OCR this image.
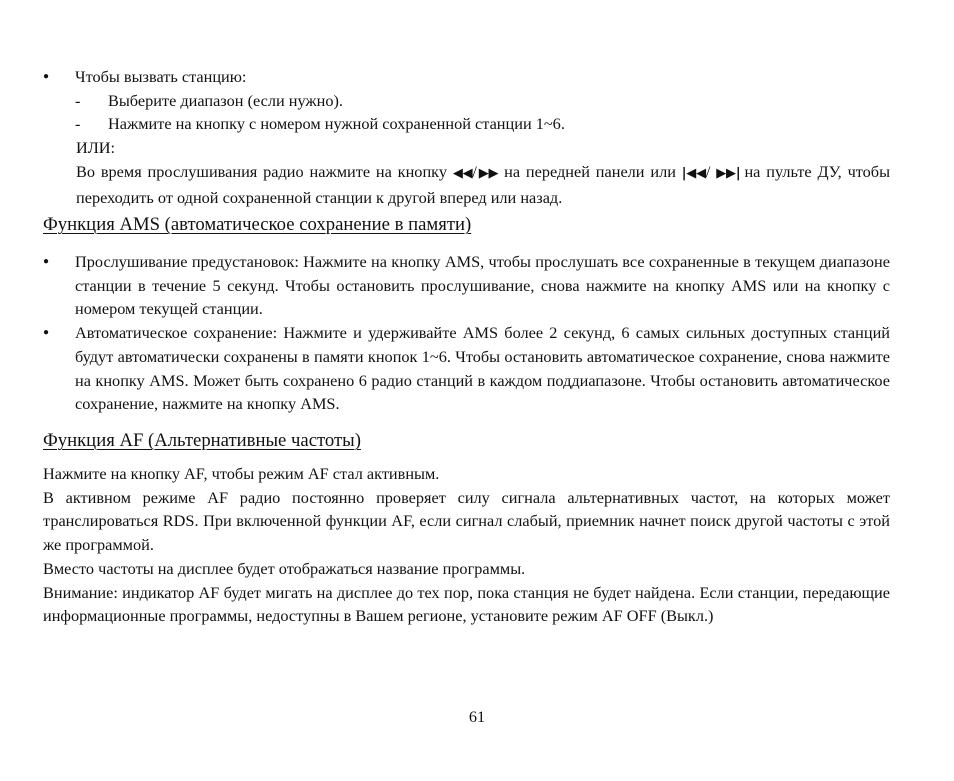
● Чтобы вызвать станцию:
- Выберите диапазон (если нужно).
- Нажмите на кнопку с номером нужной сохраненной станции 1~6.
ИЛИ:
Во время прослушивания радио нажмите на кнопку ◀◀/▶▶ на передней панели или |◀◀/ ▶▶| на пульте ДУ, чтобы переходить от одной сохраненной станции к другой вперед или назад.
Функция AMS (автоматическое сохранение в памяти)
● Прослушивание предустановок: Нажмите на кнопку AMS, чтобы прослушать все сохраненные в текущем диапазоне станции в течение 5 секунд. Чтобы остановить прослушивание, снова нажмите на кнопку AMS или на кнопку с номером текущей станции.
● Автоматическое сохранение: Нажмите и удерживайте AMS более 2 секунд, 6 самых сильных доступных станций будут автоматически сохранены в памяти кнопок 1~6. Чтобы остановить автоматическое сохранение, снова нажмите на кнопку AMS. Может быть сохранено 6 радио станций в каждом поддиапазоне. Чтобы остановить автоматическое сохранение, нажмите на кнопку AMS.
Функция AF (Альтернативные частоты)
Нажмите на кнопку AF, чтобы режим AF стал активным.
В активном режиме AF радио постоянно проверяет силу сигнала альтернативных частот, на которых может транслироваться RDS. При включенной функции AF, если сигнал слабый, приемник начнет поиск другой частоты с этой же программой.
Вместо частоты на дисплее будет отображаться название программы.
Внимание: индикатор AF будет мигать на дисплее до тех пор, пока станция не будет найдена. Если станции, передающие информационные программы, недоступны в Вашем регионе, установите режим AF OFF (Выкл.)
61
